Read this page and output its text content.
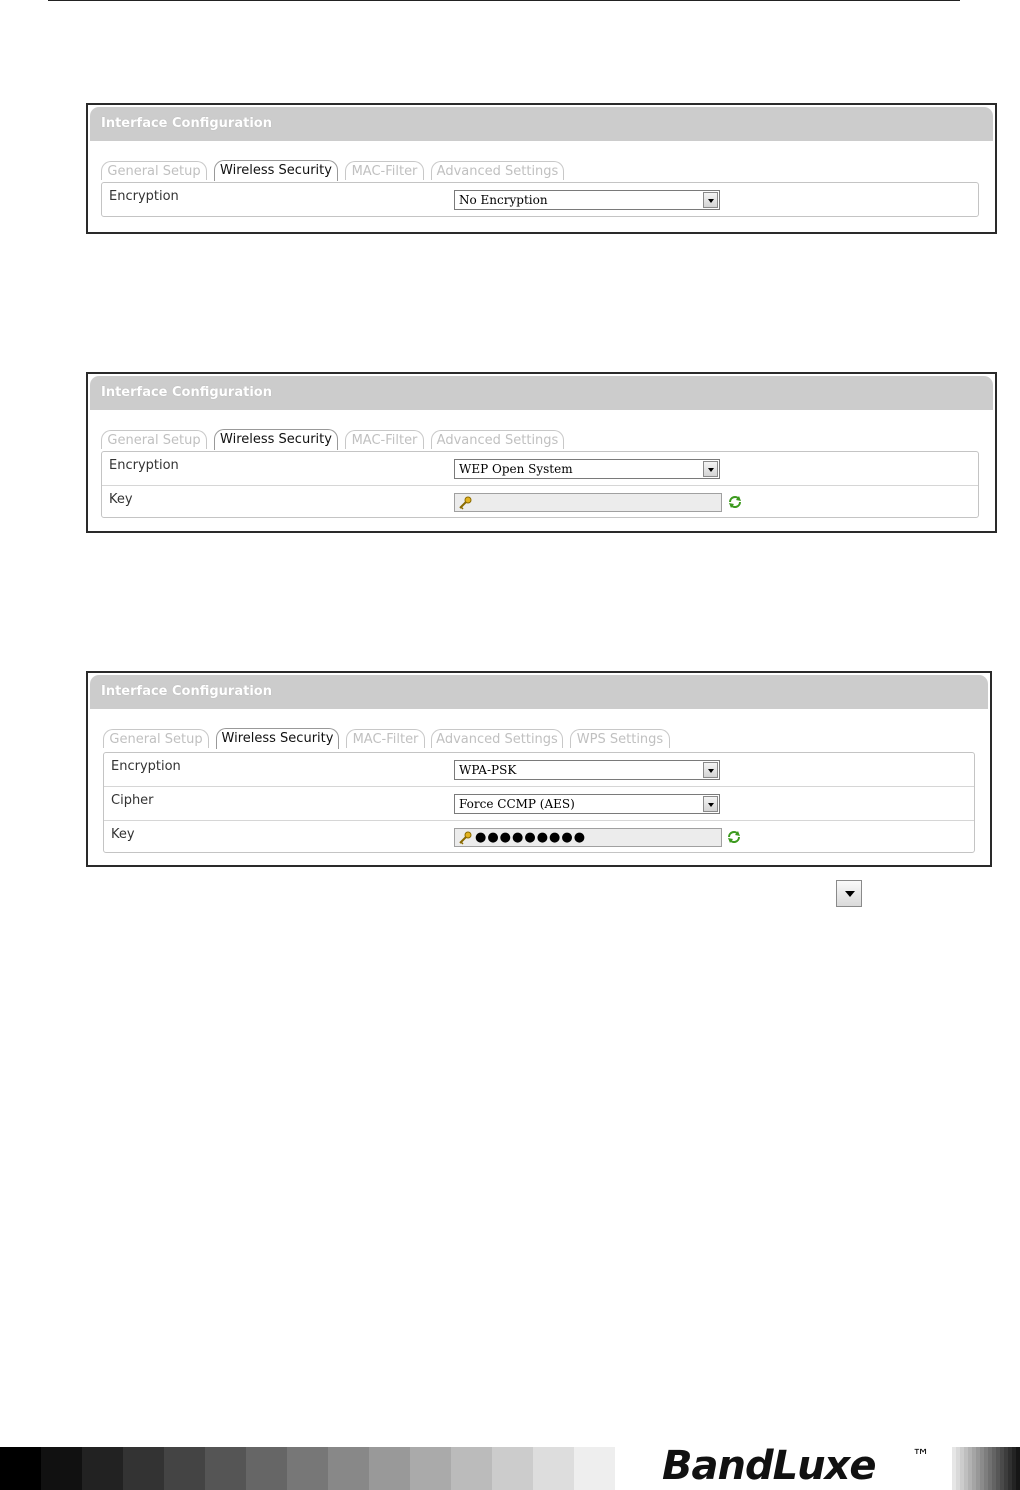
Interface Configuration
General Setup	Wireless Security	MAC-Filter	Advanced Settings
Encryption	No Encryption
Interface Configuration
General Setup	Wireless Security	MAC-Filter	Advanced Settings
Encryption	WEP Open System
Key
Interface Configuration
General Setup	Wireless Security	MAC-Filter	Advanced Settings	WPS Settings
Encryption	WPA-PSK
Cipher	Force CCMP (AES)
Key	●●●●●●●●●
BandLuxe ™
